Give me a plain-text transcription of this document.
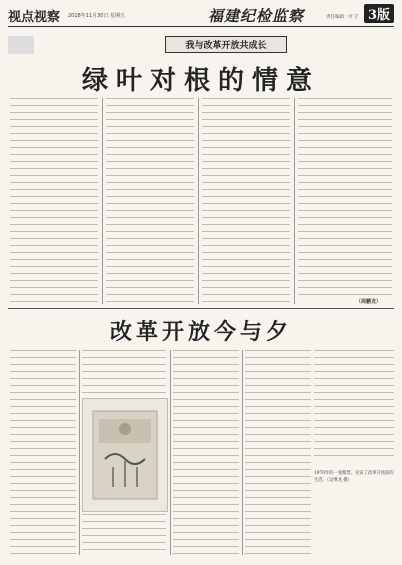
视点视察 2018年11月30日 星期五	福建纪检监察	责任编辑：叶 芒 3版
我与改革开放共成长
绿叶对根的情意
（周鹏龙）
改革开放今与夕
1970年的一张粮票，见证了改革开放前的生活。（吴继龙 摄）
